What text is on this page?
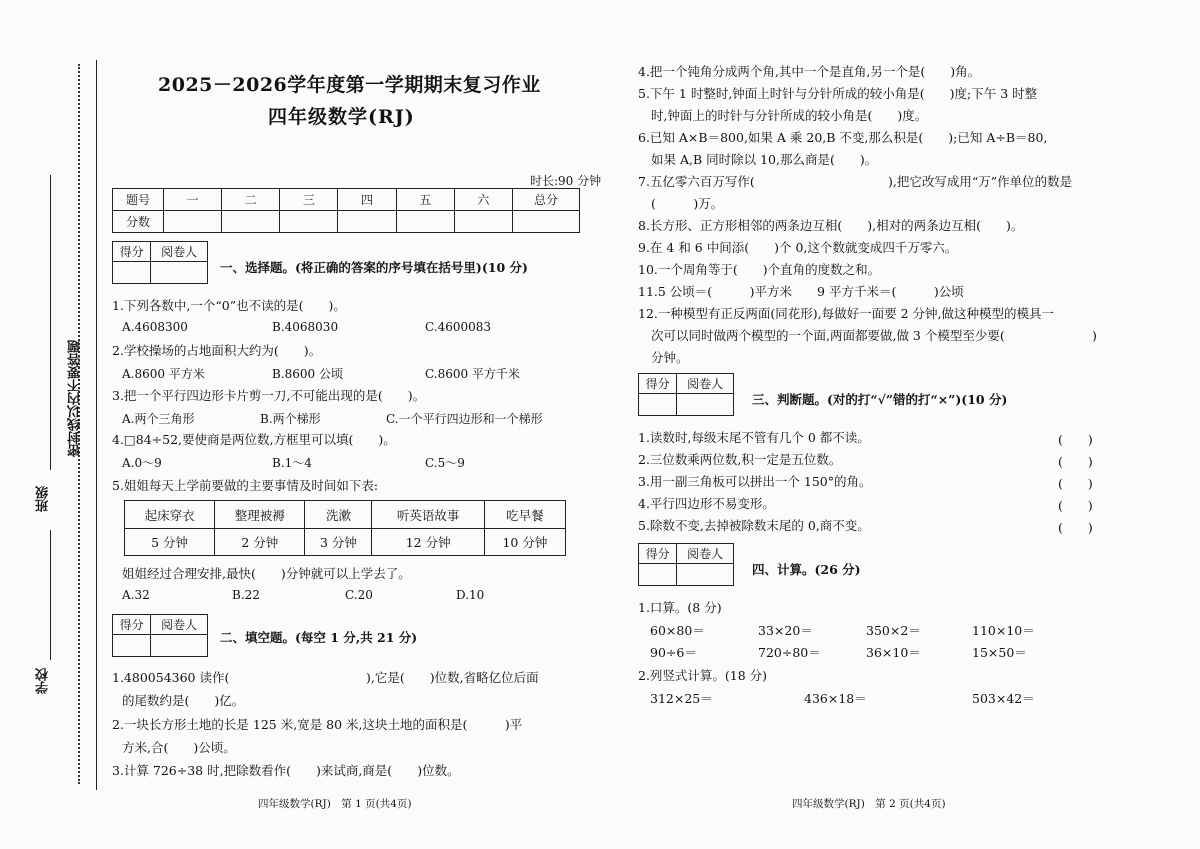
密封线以内不要答题
班级
学校
2025－2026学年度第一学期期末复习作业
四年级数学(RJ)
时长:90 分钟
题号	一	二	三	四	五	六	总分
分数							
得分	阅卷人

一、选择题。(将正确的答案的序号填在括号里)(10 分)
1.下列各数中,一个“0”也不读的是(　　)。
A.4608300	B.4068030	C.4600083
2.学校操场的占地面积大约为(　　)。
A.8600 平方米	B.8600 公顷	C.8600 平方千米
3.把一个平行四边形卡片剪一刀,不可能出现的是(　　)。
A.两个三角形	B.两个梯形	C.一个平行四边形和一个梯形
4.□84÷52,要使商是两位数,方框里可以填(　　)。
A.0～9	B.1～4	C.5～9
5.姐姐每天上学前要做的主要事情及时间如下表:
起床穿衣	整理被褥	洗漱	听英语故事	吃早餐
5 分钟	2 分钟	3 分钟	12 分钟	10 分钟
姐姐经过合理安排,最快(　　)分钟就可以上学去了。
A.32	B.22	C.20	D.10
得分	阅卷人

二、填空题。(每空 1 分,共 21 分)
1.480054360 读作(	),它是(　　)位数,省略亿位后面
的尾数约是(　　)亿。
2.一块长方形土地的长是 125 米,宽是 80 米,这块土地的面积是(　　　)平
方米,合(　　)公顷。
3.计算 726÷38 时,把除数看作(　　)来试商,商是(　　)位数。
四年级数学(RJ)　第 1 页(共4页)
4.把一个钝角分成两个角,其中一个是直角,另一个是(　　)角。
5.下午 1 时整时,钟面上时针与分针所成的较小角是(　　)度;下午 3 时整
时,钟面上的时针与分针所成的较小角是(　　)度。
6.已知 A×B＝800,如果 A 乘 20,B 不变,那么积是(　　);已知 A÷B＝80,
如果 A,B 同时除以 10,那么商是(　　)。
7.五亿零六百万写作(	),把它改写成用“万”作单位的数是
(　　　)万。
8.长方形、正方形相邻的两条边互相(　　),相对的两条边互相(　　)。
9.在 4 和 6 中间添(　　)个 0,这个数就变成四千万零六。
10.一个周角等于(　　)个直角的度数之和。
11.5 公顷＝(　　　)平方米　　9 平方千米＝(　　　)公顷
12.一种模型有正反两面(同花形),每做好一面要 2 分钟,做这种模型的模具一
次可以同时做两个模型的一个面,两面都要做,做 3 个模型至少要(	)
分钟。
得分	阅卷人

三、判断题。(对的打“√”错的打“×”)(10 分)
1.读数时,每级末尾不管有几个 0 都不读。	(　　)
2.三位数乘两位数,积一定是五位数。	(　　)
3.用一副三角板可以拼出一个 150°的角。	(　　)
4.平行四边形不易变形。	(　　)
5.除数不变,去掉被除数末尾的 0,商不变。	(　　)
得分	阅卷人

四、计算。(26 分)
1.口算。(8 分)
60×80＝	33×20＝	350×2＝	110×10＝
90÷6＝	720÷80＝	36×10＝	15×50＝
2.列竖式计算。(18 分)
312×25＝	436×18＝	503×42＝
四年级数学(RJ)　第 2 页(共4页)
